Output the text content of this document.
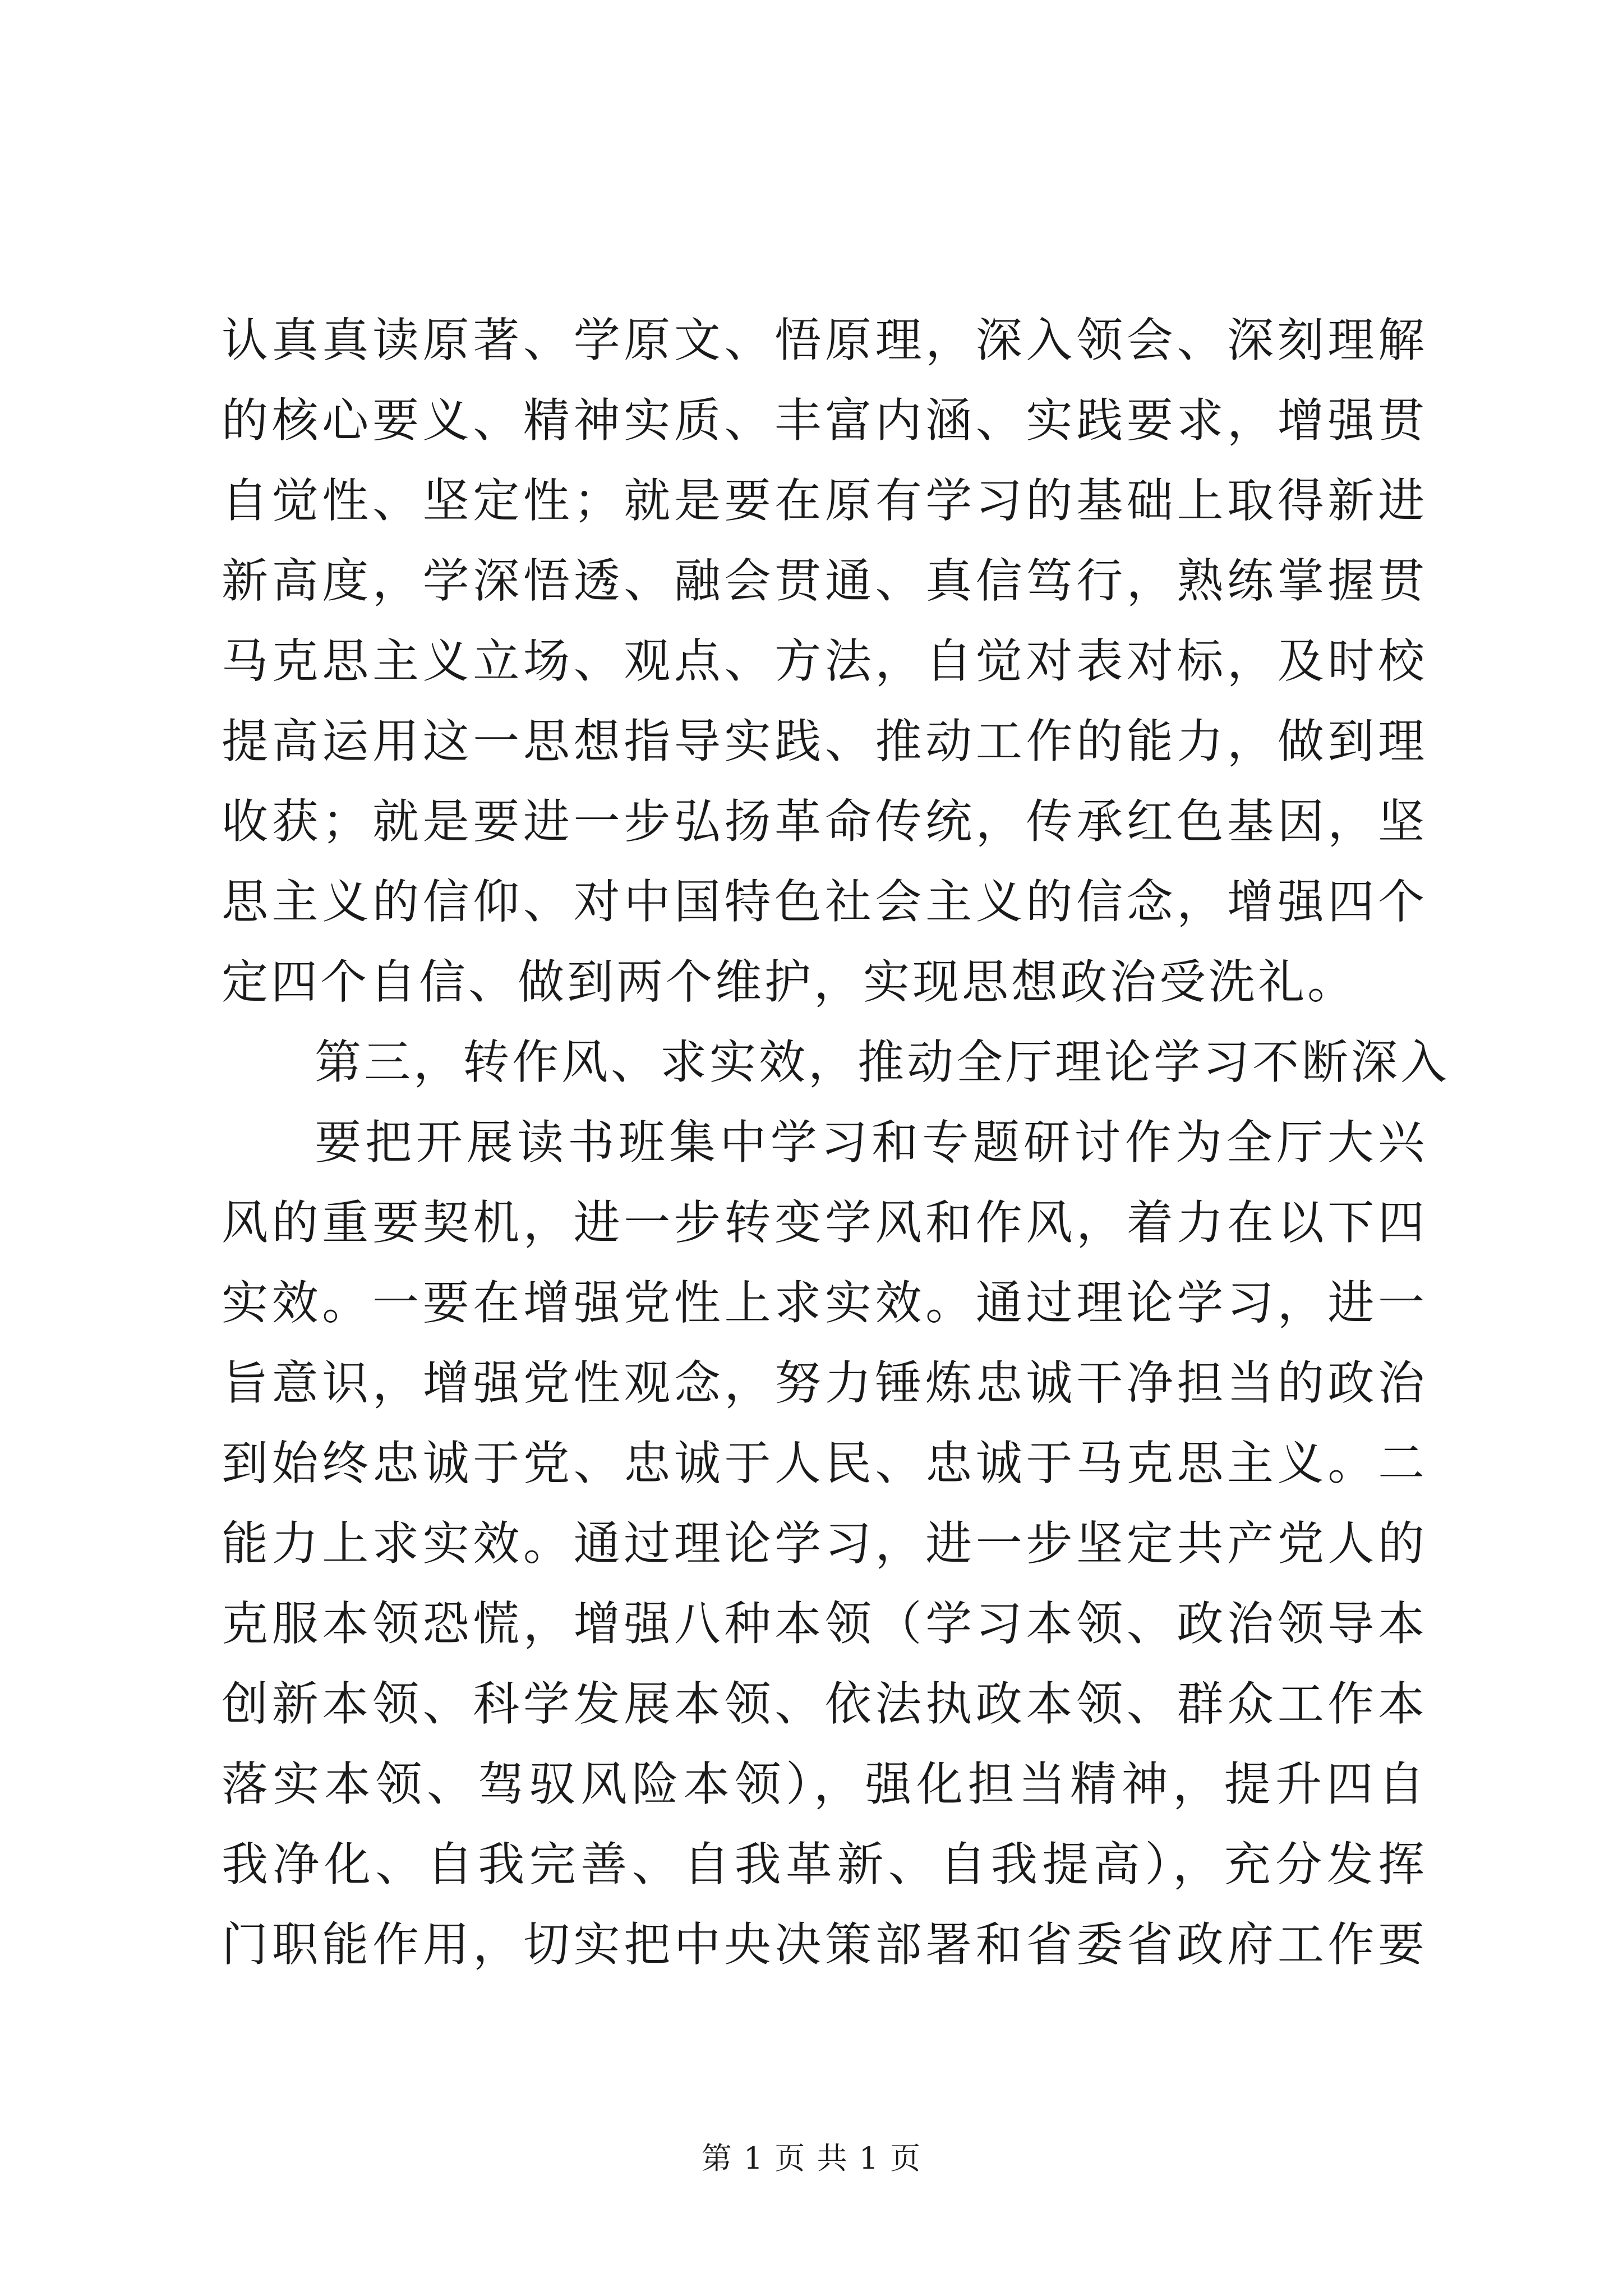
认真真读原著、学原文、悟原理，深入领会、深刻理解
的核心要义、精神实质、丰富内涵、实践要求，增强贯
自觉性、坚定性；就是要在原有学习的基础上取得新进
新高度，学深悟透、融会贯通、真信笃行，熟练掌握贯
马克思主义立场、观点、方法，自觉对表对标，及时校
提高运用这一思想指导实践、推动工作的能力，做到理
收获；就是要进一步弘扬革命传统，传承红色基因，坚
思主义的信仰、对中国特色社会主义的信念，增强四个
定四个自信、做到两个维护，实现思想政治受洗礼。
第三，转作风、求实效，推动全厅理论学习不断深入
要把开展读书班集中学习和专题研讨作为全厅大兴
风的重要契机，进一步转变学风和作风，着力在以下四
实效。一要在增强党性上求实效。通过理论学习，进一
旨意识，增强党性观念，努力锤炼忠诚干净担当的政治
到始终忠诚于党、忠诚于人民、忠诚于马克思主义。二
能力上求实效。通过理论学习，进一步坚定共产党人的
克服本领恐慌，增强八种本领（学习本领、政治领导本
创新本领、科学发展本领、依法执政本领、群众工作本
落实本领、驾驭风险本领），强化担当精神，提升四自
我净化、自我完善、自我革新、自我提高），充分发挥
门职能作用，切实把中央决策部署和省委省政府工作要
第 1 页 共 1 页
